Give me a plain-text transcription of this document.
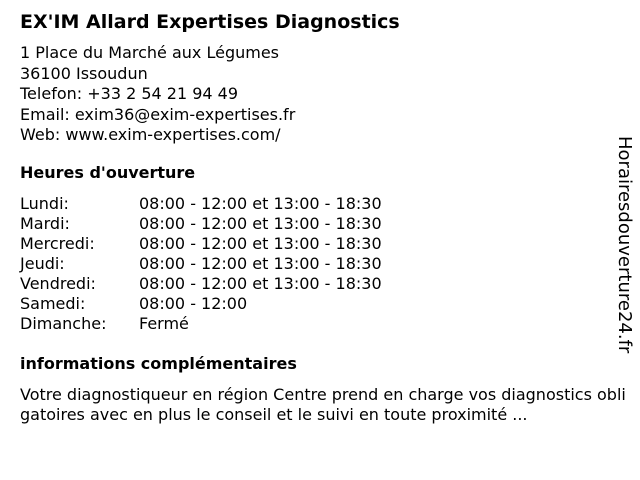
EX'IM Allard Expertises Diagnostics
1 Place du Marché aux Légumes
36100 Issoudun
Telefon: +33 2 54 21 94 49
Email: exim36@exim-expertises.fr
Web: www.exim-expertises.com/
Heures d'ouverture
Lundi:	08:00 - 12:00 et 13:00 - 18:30
Mardi:	08:00 - 12:00 et 13:00 - 18:30
Mercredi:	08:00 - 12:00 et 13:00 - 18:30
Jeudi:	08:00 - 12:00 et 13:00 - 18:30
Vendredi:	08:00 - 12:00 et 13:00 - 18:30
Samedi:	08:00 - 12:00
Dimanche: Fermé
informations complémentaires
Votre diagnostiqueur en région Centre prend en charge vos diagnostics obligatoires avec en plus le conseil et le suivi en toute proximité ...
Horairesdouverture24.fr
